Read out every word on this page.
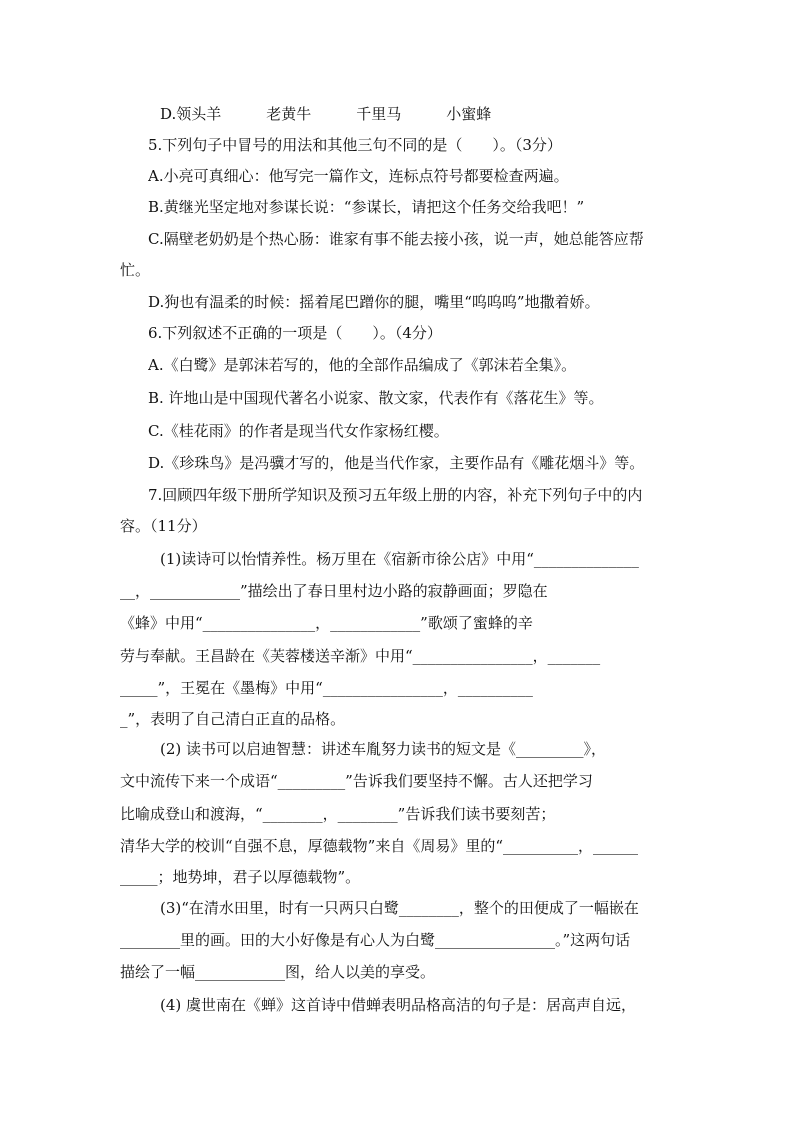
D.领头羊　　　老黄牛　　　千里马　　　小蜜蜂
5.下列句子中冒号的用法和其他三句不同的是（　　）。（3分）
A.小亮可真细心：他写完一篇作文，连标点符号都要检查两遍。
B.黄继光坚定地对参谋长说：“参谋长，请把这个任务交给我吧！”
C.隔壁老奶奶是个热心肠：谁家有事不能去接小孩，说一声，她总能答应帮
忙。
D.狗也有温柔的时候：摇着尾巴蹭你的腿，嘴里“呜呜呜”地撒着娇。
6.下列叙述不正确的一项是（　　）。（4分）
A.《白鹭》是郭沫若写的，他的全部作品编成了《郭沫若全集》。
B. 许地山是中国现代著名小说家、散文家，代表作有《落花生》等。
C.《桂花雨》的作者是现当代女作家杨红樱。
D.《珍珠鸟》是冯骥才写的，他是当代作家，主要作品有《雕花烟斗》等。
7.回顾四年级下册所学知识及预习五年级上册的内容，补充下列句子中的内
容。（11分）
(1)读诗可以怡情养性。杨万里在《宿新市徐公店》中用“______________
__，____________”描绘出了春日里村边小路的寂静画面；罗隐在
《蜂》中用“_______________，____________”歌颂了蜜蜂的辛
劳与奉献。王昌龄在《芙蓉楼送辛渐》中用“________________，_______
_____”，王冕在《墨梅》中用“________________，__________
_”，表明了自己清白正直的品格。
(2) 读书可以启迪智慧：讲述车胤努力读书的短文是《_________》，
文中流传下来一个成语“_________”告诉我们要坚持不懈。古人还把学习
比喻成登山和渡海，“________，________”告诉我们读书要刻苦；
清华大学的校训“自强不息，厚德载物”来自《周易》里的“__________，______
_____；地势坤，君子以厚德载物”。
(3)“在清水田里，时有一只两只白鹭________，整个的田便成了一幅嵌在
________里的画。田的大小好像是有心人为白鹭________________。”这两句话
描绘了一幅____________图，给人以美的享受。
(4) 虞世南在《蝉》这首诗中借蝉表明品格高洁的句子是：居高声自远，
